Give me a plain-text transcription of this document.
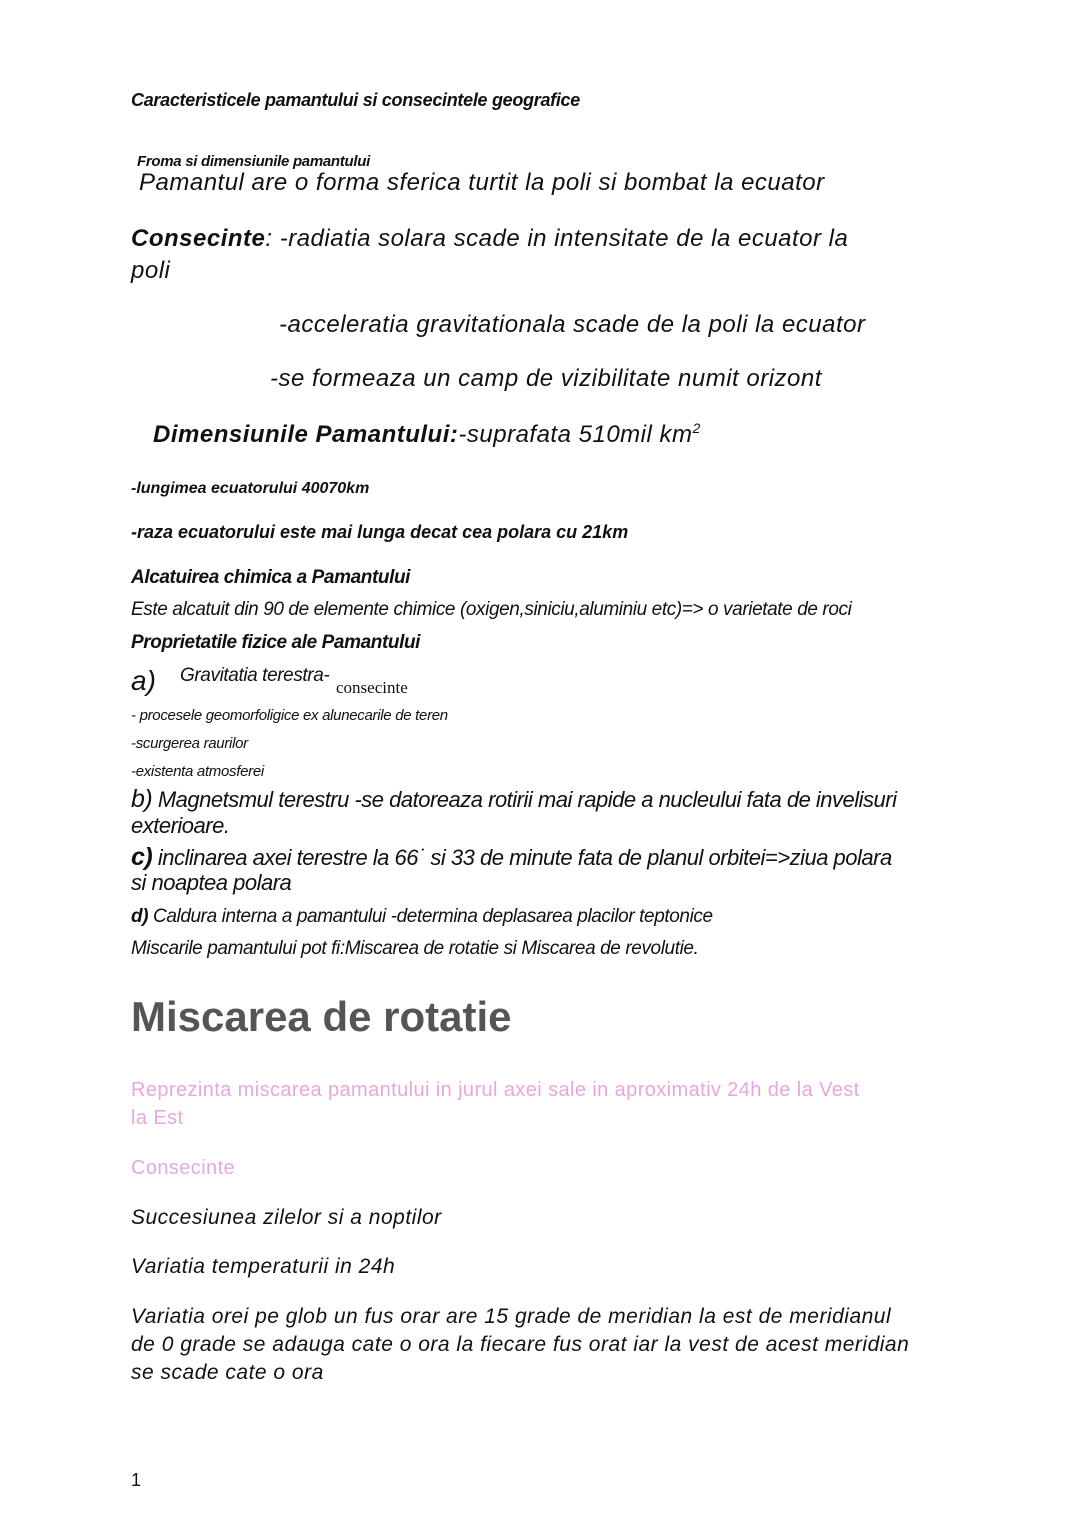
Caracteristicele pamantului si consecintele geografice

Froma si dimensiunile pamantului

Pamantul are o forma sferica turtit la poli si bombat la ecuator

Consecinte: -radiatia solara scade in intensitate de la ecuator la

poli

-acceleratia gravitationala scade de la poli la ecuator

-se formeaza un camp de vizibilitate numit orizont

Dimensiunile Pamantului:-suprafata 510mil $km^2$

-lungimea ecuatorului 40070km

-raza ecuatorului este mai lunga decat cea polara cu 21km

Alcatuirea chimica a Pamantului

Este alcatuit din 90 de elemente chimice (oxigen,siniciu,aluminiu etc)=> o varietate de roci

Proprietatile fizice ale Pamantului

a) Gravitatia terestra-

consecinte

- procesele geomorfoligice ex alunecarile de teren

-scurgerea raurilor

-existenta atmosferei

b) Magnetsmul terestru -se datoreaza rotirii mai rapide a nucleului fata de invelisuri

exterioare.

c) inclinarea axei terestre la 66˙ si 33 de minute fata de planul orbitei=>ziua polara

si noaptea polara

d) Caldura interna a pamantului -determina deplasarea placilor teptonice

Miscarile pamantului pot fi:Miscarea de rotatie si Miscarea de revolutie.

Miscarea de rotatie

Reprezinta miscarea pamantului in jurul axei sale in aproximativ 24h de la Vest

la Est

Consecinte

Succesiunea zilelor si a noptilor

Variatia temperaturii in 24h

Variatia orei pe glob un fus orar are 15 grade de meridian la est de meridianul

de 0 grade se adauga cate o ora la fiecare fus orat iar la vest de acest meridian

se scade cate o ora

1
